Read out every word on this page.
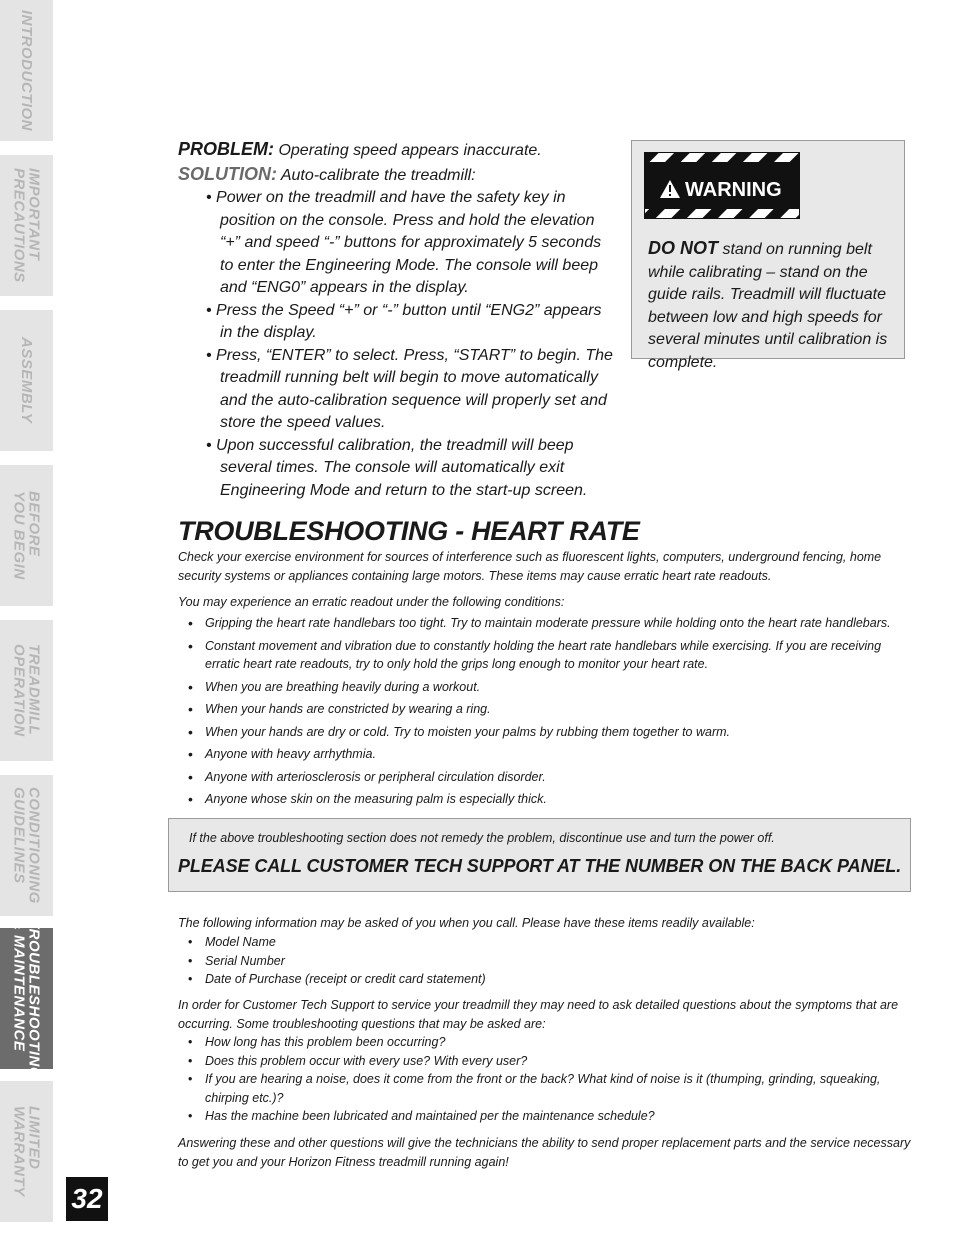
INTRODUCTION
IMPORTANT
PRECAUTIONS
ASSEMBLY
BEFORE
YOU BEGIN
TREADMILL
OPERATION
CONDITIONING
GUIDELINES
TROUBLESHOOTING
& MAINTENANCE
LIMITED
WARRANTY
32
PROBLEM: Operating speed appears inaccurate.
SOLUTION: Auto-calibrate the treadmill:
• Power on the treadmill and have the safety key in position on the console. Press and hold the elevation “+” and speed “-” buttons for approximately 5 seconds to enter the Engineering Mode. The console will beep and “ENG0” appears in the display.
• Press the Speed “+” or “-” button until “ENG2” appears in the display.
• Press, “ENTER” to select. Press, “START” to begin. The treadmill running belt will begin to move automatically and the auto-calibration sequence will properly set and store the speed values.
• Upon successful calibration, the treadmill will beep several times. The console will automatically exit Engineering Mode and return to the start-up screen.
WARNING
DO NOT stand on running belt while calibrating – stand on the guide rails. Treadmill will fluctuate between low and high speeds for several minutes until calibration is complete.
TROUBLESHOOTING - HEART RATE
Check your exercise environment for sources of interference such as fluorescent lights, computers, underground fencing, home security systems or appliances containing large motors. These items may cause erratic heart rate readouts.
You may experience an erratic readout under the following conditions:
• Gripping the heart rate handlebars too tight. Try to maintain moderate pressure while holding onto the heart rate handlebars.
• Constant movement and vibration due to constantly holding the heart rate handlebars while exercising. If you are receiving erratic heart rate readouts, try to only hold the grips long enough to monitor your heart rate.
• When you are breathing heavily during a workout.
• When your hands are constricted by wearing a ring.
• When your hands are dry or cold. Try to moisten your palms by rubbing them together to warm.
• Anyone with heavy arrhythmia.
• Anyone with arteriosclerosis or peripheral circulation disorder.
• Anyone whose skin on the measuring palm is especially thick.
If the above troubleshooting section does not remedy the problem, discontinue use and turn the power off.
PLEASE CALL CUSTOMER TECH SUPPORT AT THE NUMBER ON THE BACK PANEL.
The following information may be asked of you when you call. Please have these items readily available:
• Model Name
• Serial Number
• Date of Purchase (receipt or credit card statement)
In order for Customer Tech Support to service your treadmill they may need to ask detailed questions about the symptoms that are occurring. Some troubleshooting questions that may be asked are:
• How long has this problem been occurring?
• Does this problem occur with every use? With every user?
• If you are hearing a noise, does it come from the front or the back? What kind of noise is it (thumping, grinding, squeaking, chirping etc.)?
• Has the machine been lubricated and maintained per the maintenance schedule?
Answering these and other questions will give the technicians the ability to send proper replacement parts and the service necessary to get you and your Horizon Fitness treadmill running again!
